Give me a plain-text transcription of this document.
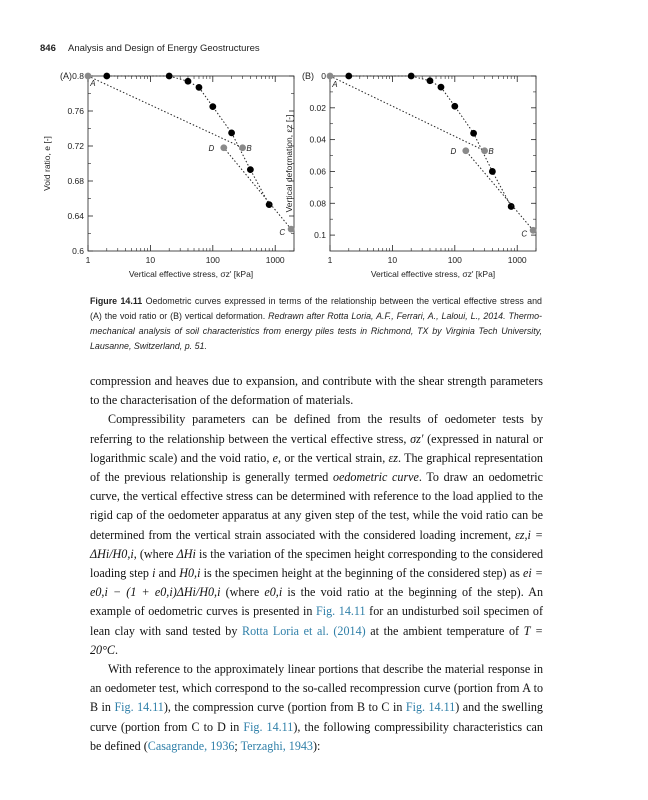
846 Analysis and Design of Energy Geostructures
1	10	100	1000
0.6
0.64
0.68
0.72
0.76
0.8
(A)
Vertical effective stress, σz' [kPa]
Void ratio, e [-]
A
B
C
D
1	10	100	1000
0
0.02
0.04
0.06
0.08
0.1
(B)
Vertical effective stress, σz' [kPa]
Vertical deformation, εz [-]
A
B
C
D
Figure 14.11 Oedometric curves expressed in terms of the relationship between the vertical effective stress and (A) the void ratio or (B) vertical deformation. Redrawn after Rotta Loria, A.F., Ferrari, A., Laloui, L., 2014. Thermo-mechanical analysis of soil characteristics from energy piles tests in Richmond, TX by Virginia Tech University, Lausanne, Switzerland, p. 51.

compression and heaves due to expansion, and contribute with the shear strength parameters to the characterisation of the deformation of materials.

Compressibility parameters can be defined from the results of oedometer tests by referring to the relationship between the vertical effective stress, σz′ (expressed in natural or logarithmic scale) and the void ratio, e, or the vertical strain, εz. The graphical representation of the previous relationship is generally termed oedometric curve. To draw an oedometric curve, the vertical effective stress can be determined with reference to the load applied to the rigid cap of the oedometer apparatus at any given step of the test, while the void ratio can be determined from the vertical strain associated with the considered loading increment, εz,i = ΔHi/H0,i, (where ΔHi is the variation of the specimen height corresponding to the considered loading step i and H0,i is the specimen height at the beginning of the considered step) as ei = e0,i − (1 + e0,i)ΔHi/H0,i (where e0,i is the void ratio at the beginning of the step). An example of oedometric curves is presented in Fig. 14.11 for an undisturbed soil specimen of lean clay with sand tested by Rotta Loria et al. (2014) at the ambient temperature of T = 20°C.

With reference to the approximately linear portions that describe the material response in an oedometer test, which correspond to the so-called recompression curve (portion from A to B in Fig. 14.11), the compression curve (portion from B to C in Fig. 14.11) and the swelling curve (portion from C to D in Fig. 14.11), the following compressibility characteristics can be defined (Casagrande, 1936; Terzaghi, 1943):
